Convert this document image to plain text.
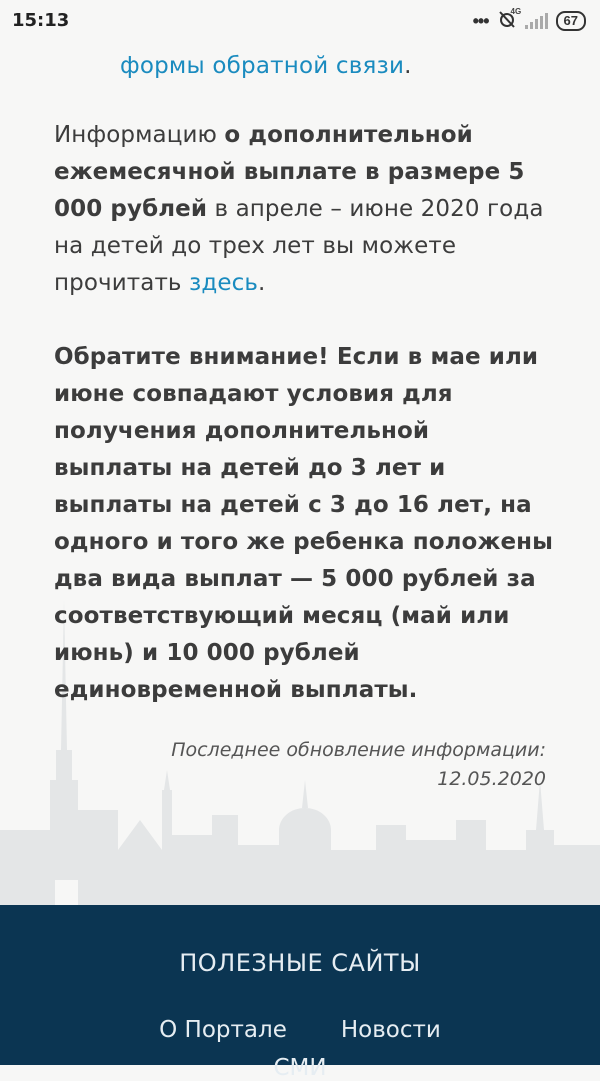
15:13	•••	4G
67
формы обратной связи.

Информацию о дополнительной ежемесячной выплате в размере 5 000 рублей в апреле – июне 2020 года на детей до трех лет вы можете прочитать здесь.

Обратите внимание! Если в мае или июне совпадают условия для получения дополнительной выплаты на детей до 3 лет и выплаты на детей с 3 до 16 лет, на одного и того же ребенка положены два вида выплат — 5 000 рублей за соответствующий месяц (май или июнь) и 10 000 рублей единовременной выплаты.

Последнее обновление информации:
12.05.2020
ПОЛЕЗНЫЕ САЙТЫ
О Портале Новости
СМИ
